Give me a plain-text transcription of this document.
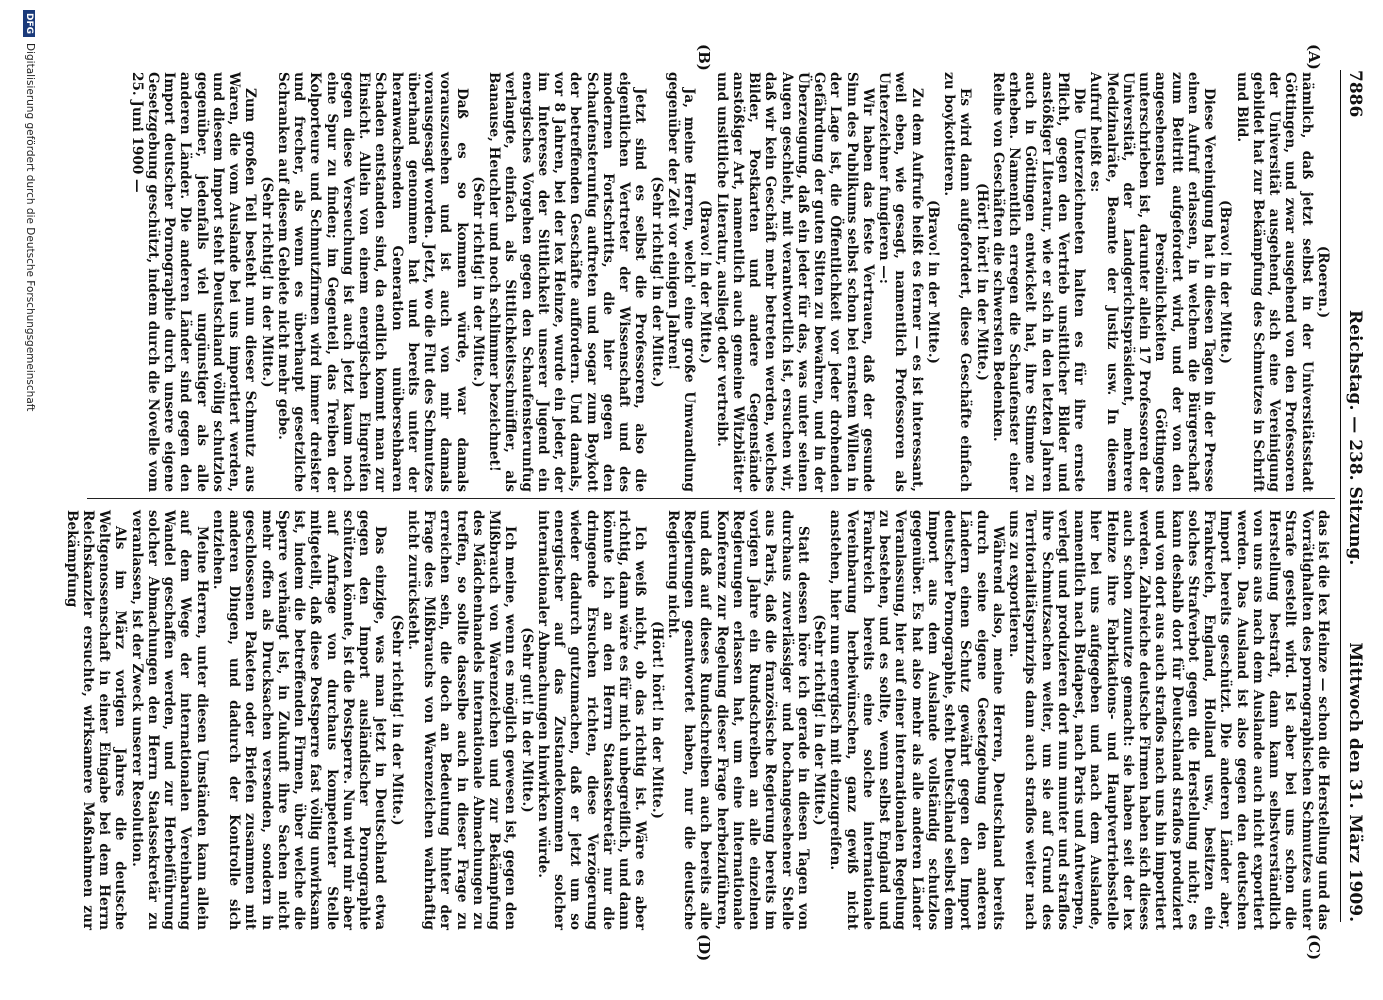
7886
Reichstag. — 238. Sitzung.
Mittwoch den 31. März 1909.
(A)
(B)
(C)
(D)

(Roeren.)

nämlich, daß jetzt selbst in der Universitätsstadt Göttingen, und zwar ausgehend von den Professoren der Universität ausgehend, sich eine Vereinigung gebildet hat zur Bekämpfung des Schmutzes in Schrift und Bild.

(Bravo! in der Mitte.)

Diese Vereinigung hat in diesen Tagen in der Presse einen Aufruf erlassen, in welchem die Bürgerschaft zum Beitritt aufgefordert wird, und der von den angesehensten Persönlichkeiten Göttingens unterschrieben ist, darunter allein 17 Professoren der Universität, der Landgerichtspräsident, mehrere Medizinalräte, Beamte der Justiz usw. In diesem Aufruf heißt es:

Die Unterzeichneten halten es für ihre ernste Pflicht, gegen den Vertrieb unsittlicher Bilder und anstößiger Literatur, wie er sich in den letzten Jahren auch in Göttingen entwickelt hat, ihre Stimme zu erheben. Namentlich erregen die Schaufenster einer Reihe von Geschäften die schwersten Bedenken.

(Hört! hört! in der Mitte.)

Es wird dann aufgefordert, diese Geschäfte einfach zu boykottieren.

(Bravo! in der Mitte.)

Zu dem Aufrufe heißt es ferner — es ist interessant, weil eben, wie gesagt, namentlich Professoren als Unterzeichner fungieren —:

Wir haben das feste Vertrauen, daß der gesunde Sinn des Publikums selbst schon bei ernstem Willen in der Lage ist, die Öffentlichkeit vor jeder drohenden Gefährdung der guten Sitten zu bewahren, und in der Überzeugung, daß ein jeder für das, was unter seinen Augen geschieht, mit verantwortlich ist, ersuchen wir, daß wir kein Geschäft mehr betreten werden, welches Bilder, Postkarten und andere Gegenstände anstößiger Art, namentlich auch gemeine Witzblätter und unsittliche Literatur, ausliegt oder vertreibt.

(Bravo! in der Mitte.)

Ja, meine Herren, welch' eine große Umwandlung gegenüber der Zeit vor einigen Jahren!

(Sehr richtig! in der Mitte.)

Jetzt sind es selbst die Professoren, also die eigentlichen Vertreter der Wissenschaft und des modernen Fortschritts, die hier gegen den Schaufensterunfug auftreten und sogar zum Boykott der betreffenden Geschäfte auffordern. Und damals, vor 8 Jahren, bei der lex Heinze, wurde ein jeder, der im Interesse der Sittlichkeit unserer Jugend ein energisches Vorgehen gegen den Schaufensterunfug verlangte, einfach als Sittlichkeitsschnüffler, als Banause, Heuchler und noch schlimmer bezeichnet!

(Sehr richtig! in der Mitte.)

Daß es so kommen würde, war damals vorauszusehen und ist auch von mir damals vorausgesagt worden. Jetzt, wo die Flut des Schmutzes überhand genommen hat und bereits unter der heranwachsenden Generation unübersehbaren Schaden entstanden sind, da endlich kommt man zur Einsicht. Allein von einem energischen Eingreifen gegen diese Verseuchung ist auch jetzt kaum noch eine Spur zu finden; im Gegenteil, das Treiben der Kolporteure und Schmutzfirmen wird immer dreister und frecher, als wenn es überhaupt gesetzliche Schranken auf diesem Gebiete nicht mehr gebe.

(Sehr richtig! in der Mitte.)

Zum großen Teil besteht nun dieser Schmutz aus Waren, die vom Auslande bei uns importiert werden, und diesem Import steht Deutschland völlig schutzlos gegenüber, jedenfalls viel ungünstiger als alle anderen Länder. Die anderen Länder sind gegen den Import deutscher Pornographie durch unsere eigene Gesetzgebung geschützt, indem durch die Novelle vom 25. Juni 1900 —

das ist die lex Heinze — schon die Herstellung und das Vorrätighalten des pornographischen Schmutzes unter Strafe gestellt wird. Ist aber bei uns schon die Herstellung bestraft, dann kann selbstverständlich von uns aus nach dem Auslande auch nicht exportiert werden. Das Ausland ist also gegen den deutschen Import bereits geschützt. Die anderen Länder aber, Frankreich, England, Holland usw., besitzen ein solches Strafverbot gegen die Herstellung nicht; es kann deshalb dort für Deutschland straflos produziert und von dort aus auch straflos nach uns hin importiert werden. Zahlreiche deutsche Firmen haben sich dieses auch schon zunutze gemacht: sie haben seit der lex Heinze ihre Fabrikations- und Hauptvertriebsstelle hier bei uns aufgegeben und nach dem Auslande, namentlich nach Budapest, nach Paris und Antwerpen, verlegt und produzieren dort nun munter und straflos ihre Schmutzsachen weiter, um sie auf Grund des Territorialitätsprinzips dann auch straflos weiter nach uns zu exportieren.

Während also, meine Herren, Deutschland bereits durch seine eigene Gesetzgebung den anderen Ländern einen Schutz gewährt gegen den Import deutscher Pornographie, steht Deutschland selbst dem Import aus dem Auslande vollständig schutzlos gegenüber. Es hat also mehr als alle anderen Länder Veranlassung, hier auf einer internationalen Regelung zu bestehen, und es sollte, wenn selbst England und Frankreich bereits eine solche internationale Vereinbarung herbeiwünschen, ganz gewiß nicht anstehen, hier nun energisch mit einzugreifen.

(Sehr richtig! in der Mitte.)

Statt dessen höre ich gerade in diesen Tagen von durchaus zuverlässiger und hochangesehener Stelle aus Paris, daß die französische Regierung bereits im vorigen Jahre ein Rundschreiben an alle einzelnen Regierungen erlassen hat, um eine internationale Konferenz zur Regelung dieser Frage herbeizuführen, und daß auf dieses Rundschreiben auch bereits alle Regierungen geantwortet haben, nur die deutsche Regierung nicht.

(Hört! hört! in der Mitte.)

Ich weiß nicht, ob das richtig ist. Wäre es aber richtig, dann wäre es für mich unbegreiflich, und dann könnte ich an den Herrn Staatssekretär nur die dringende Ersuchen richten, diese Verzögerung wieder dadurch gutzumachen, daß er jetzt um so energischer auf das Zustandekommen solcher internationaler Abmachungen hinwirken würde.

(Sehr gut! in der Mitte.)

Ich meine, wenn es möglich gewesen ist, gegen den Mißbrauch von Warenzeichen und zur Bekämpfung des Mädchenhandels internationale Abmachungen zu treffen, so sollte dasselbe auch in dieser Frage zu erreichen sein, die doch an Bedeutung hinter der Frage des Mißbrauchs von Warenzeichen wahrhaftig nicht zurücksteht.

(Sehr richtig! in der Mitte.)

Das einzige, was man jetzt in Deutschland etwa gegen den Import ausländischer Pornographie schützen könnte, ist die Postsperre. Nun wird mir aber auf Anfrage von durchaus kompetenter Stelle mitgeteilt, daß diese Postsperre fast völlig unwirksam ist, indem die betreffenden Firmen, über welche die Sperre verhängt ist, in Zukunft ihre Sachen nicht mehr offen als Drucksachen versenden, sondern in geschlossenen Paketen oder Briefen zusammen mit anderen Dingen, und dadurch der Kontrolle sich entziehen.

Meine Herren, unter diesen Umständen kann allein auf dem Wege der internationalen Vereinbarung Wandel geschaffen werden, und zur Herbeiführung solcher Abmachungen den Herrn Staatssekretär zu veranlassen, ist der Zweck unserer Resolution.

Als im März vorigen Jahres die deutsche Weltgenossenschaft in einer Eingabe bei dem Herrn Reichskanzler ersuchte, wirksamere Maßnahmen zur Bekämpfung

DFGDigitalisierung gefördert durch die Deutsche Forschungsgemeinschaft
